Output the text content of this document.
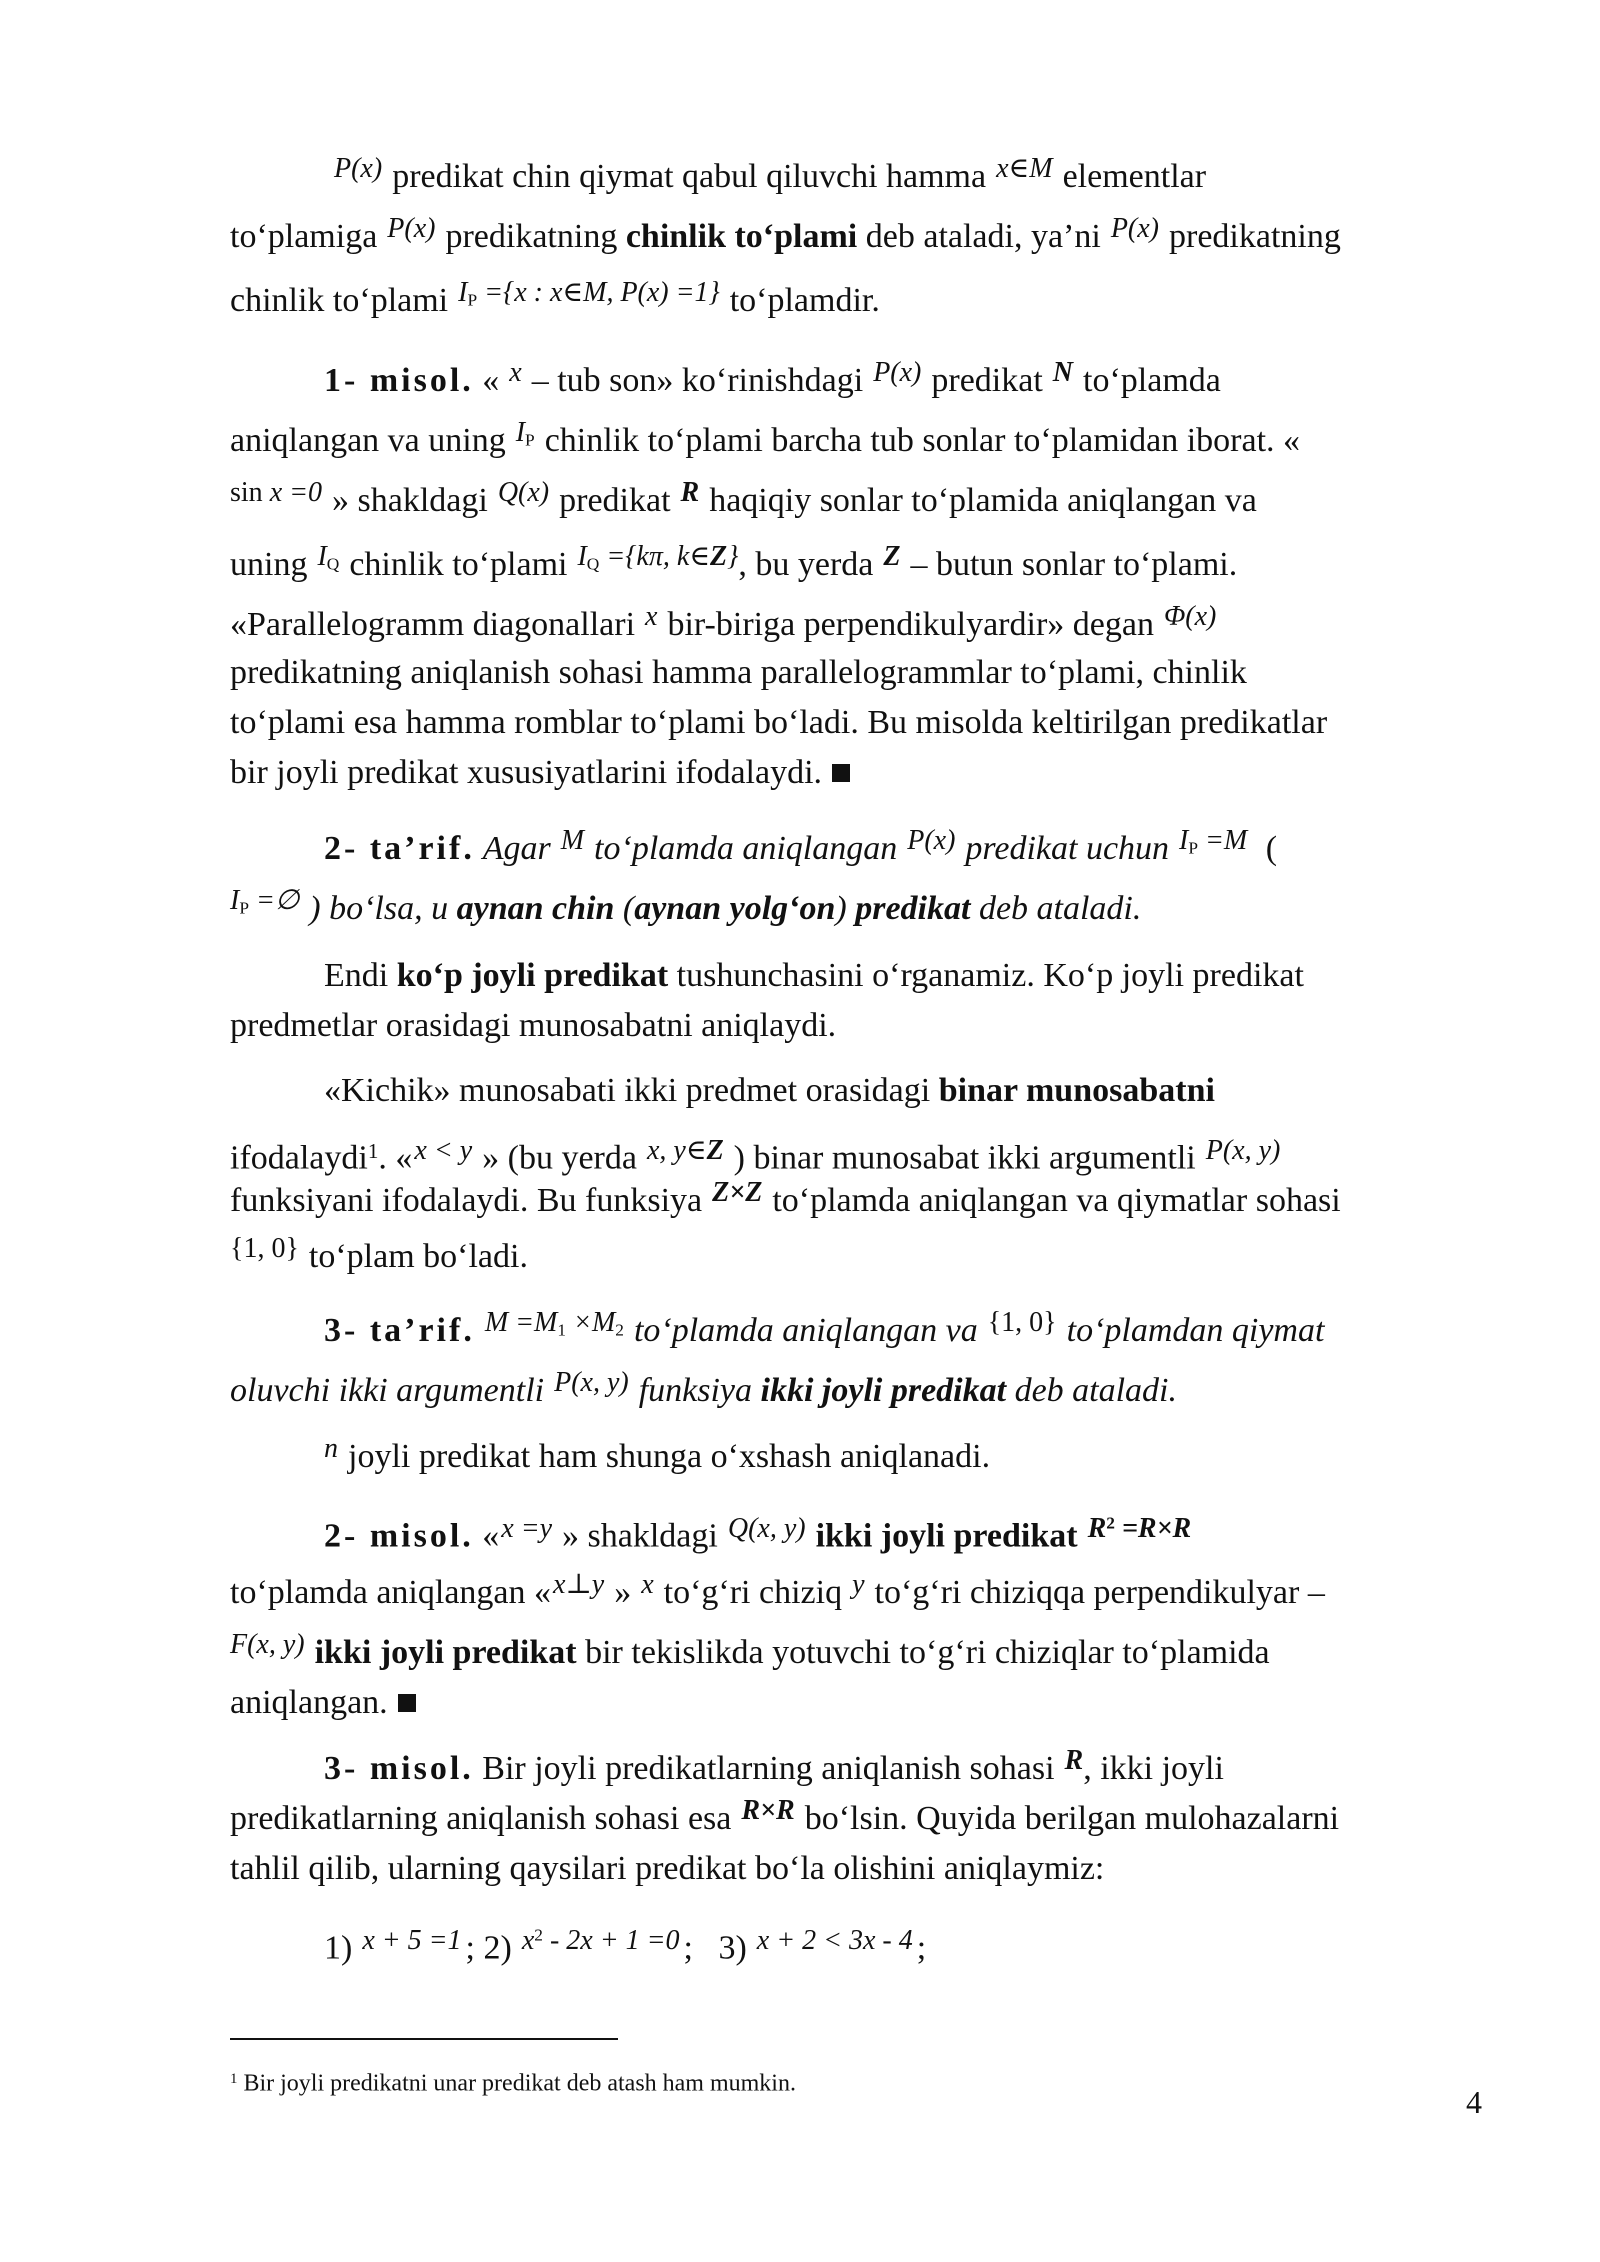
$^{P(x)}$ predikat chin qiymat qabul qiluvchi hamma $^{x\in M}$ elementlar
to‘plamiga $^{P(x)}$ predikatning chinlik to‘plami deb ataladi, ya’ni $^{P(x)}$ predikatning
chinlik to‘plami $^{I_P =\{x : x\in M, P(x) =1\}}$ to‘plamdir.
1- misol. « $^x$ – tub son» ko‘rinishdagi $^{P(x)}$ predikat $^N$ to‘plamda
aniqlangan va uning $^{I_P}$ chinlik to‘plami barcha tub sonlar to‘plamidan iborat. «
$^{sin x =0}$ » shakldagi $^{Q(x)}$ predikat $^R$ haqiqiy sonlar to‘plamida aniqlangan va
uning $^{I_Q}$ chinlik to‘plami $^{I_Q =\{k\pi, k\in Z\}}$, bu yerda $^Z$ – butun sonlar to‘plami.
«Parallelogramm diagonallari $^x$ bir-biriga perpendikulyardir» degan $^{\Phi(x)}$
predikatning aniqlanish sohasi hamma parallelogrammlar to‘plami, chinlik
to‘plami esa hamma romblar to‘plami bo‘ladi. Bu misolda keltirilgan predikatlar
bir joyli predikat xususiyatlarini ifodalaydi.
2- ta’rif. Agar $^M$ to‘plamda aniqlangan $^{P(x)}$ predikat uchun $^{I_P =M}$ (
$^{I_P =\emptyset}$ ) bo‘lsa, u aynan chin (aynan yolg‘on) predikat deb ataladi.
Endi ko‘p joyli predikat tushunchasini o‘rganamiz. Ko‘p joyli predikat
predmetlar orasidagi munosabatni aniqlaydi.
«Kichik» munosabati ikki predmet orasidagi binar munosabatni
ifodalaydi$^1$. «$^{x < y}$ » (bu yerda $^{x, y\in Z}$ ) binar munosabat ikki argumentli $^{P(x, y)}$
funksiyani ifodalaydi. Bu funksiya $^{Z\times Z}$ to‘plamda aniqlangan va qiymatlar sohasi
$^{\{1, 0\}}$ to‘plam bo‘ladi.
3- ta’rif. $^{M =M_1 \times M_2}$ to‘plamda aniqlangan va $^{\{1, 0\}}$ to‘plamdan qiymat
oluvchi ikki argumentli $^{P(x, y)}$ funksiya ikki joyli predikat deb ataladi.
$^n$ joyli predikat ham shunga o‘xshash aniqlanadi.
2- misol. «$^{x =y}$ » shakldagi $^{Q(x, y)}$ ikki joyli predikat $^{R^2 =R\times R}$
to‘plamda aniqlangan «$^{x\perp y}$ » $^x$ to‘g‘ri chiziq $^y$ to‘g‘ri chiziqqa perpendikulyar –
$^{F(x, y)}$ ikki joyli predikat bir tekislikda yotuvchi to‘g‘ri chiziqlar to‘plamida
aniqlangan.
3- misol. Bir joyli predikatlarning aniqlanish sohasi $^R$, ikki joyli
predikatlarning aniqlanish sohasi esa $^{R\times R}$ bo‘lsin. Quyida berilgan mulohazalarni
tahlil qilib, ularning qaysilari predikat bo‘la olishini aniqlaymiz:
1) $^{x + 5 =1}$ ; 2) $^{x^2 - 2x + 1 =0}$ ; 3) $^{x + 2 < 3x - 4}$ ;
$^1$ Bir joyli predikatni unar predikat deb atash ham mumkin.
4
